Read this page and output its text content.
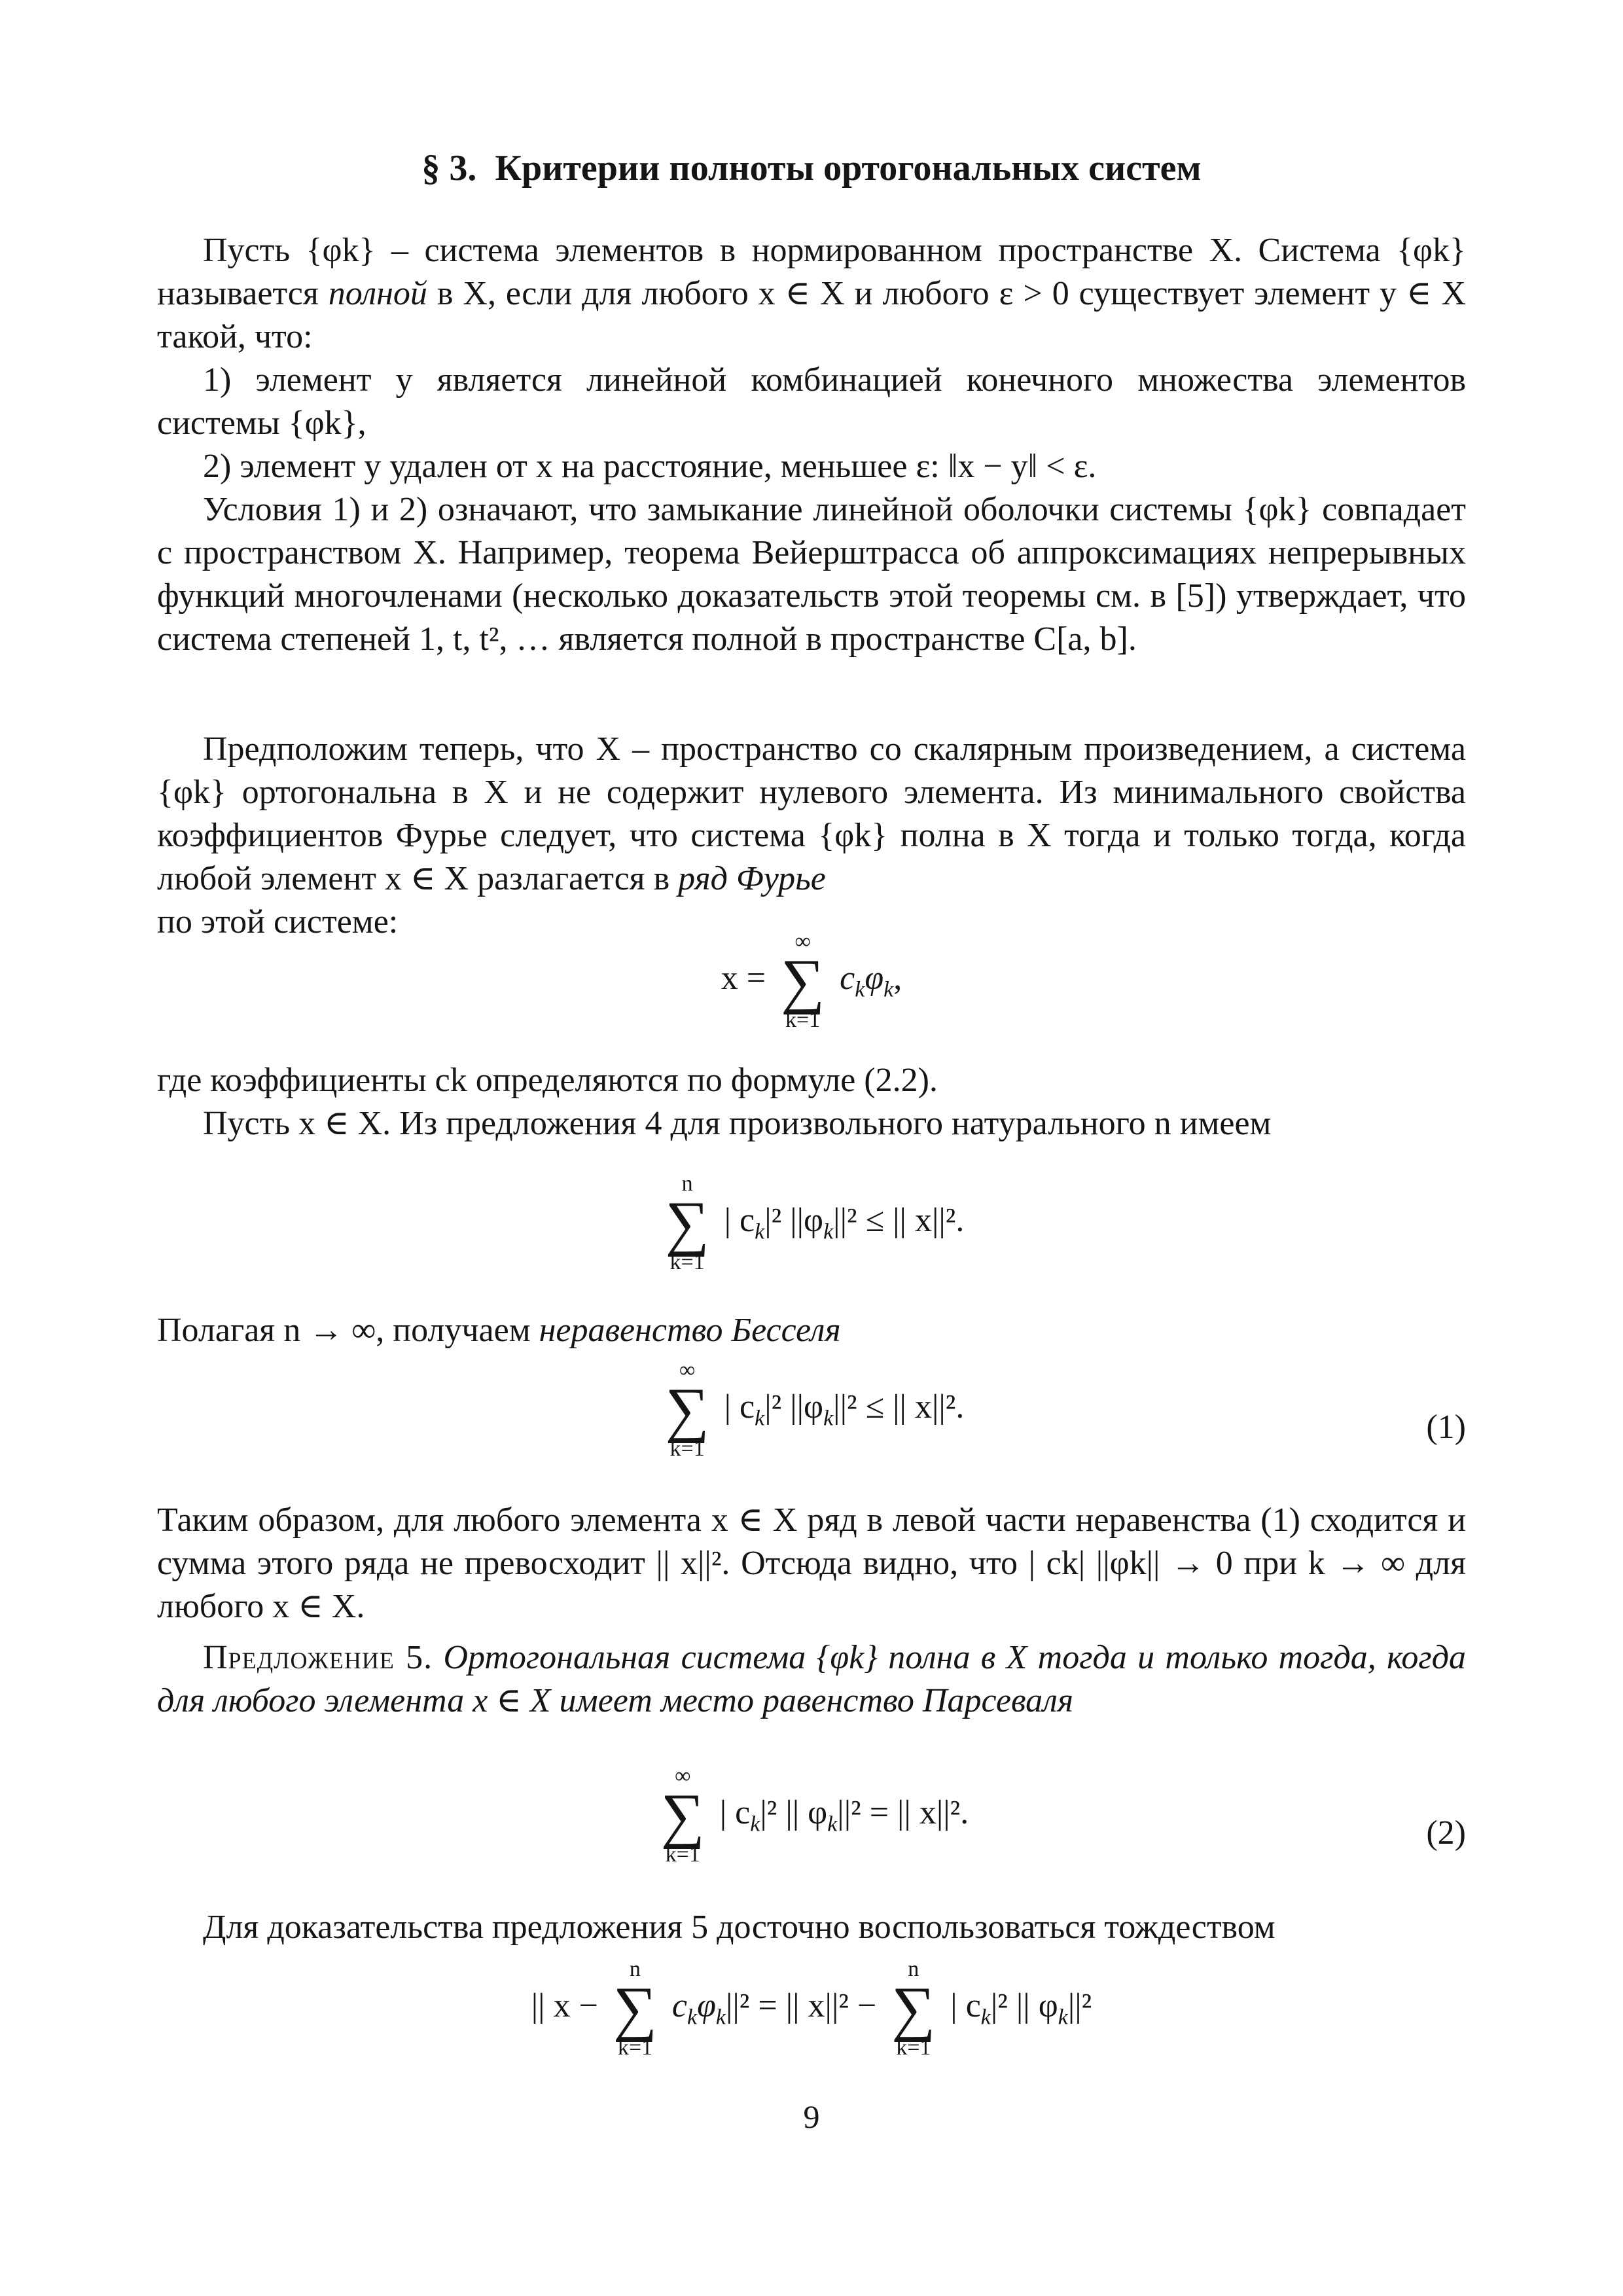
§ 3. Критерии полноты ортогональных систем

Пусть {φk} – система элементов в нормированном пространстве X. Система {φk} называется полной в X, если для любого x ∈ X и любого ε > 0 существует элемент y ∈ X такой, что:

1) элемент y является линейной комбинацией конечного множества элементов системы {φk},

2) элемент y удален от x на расстояние, меньшее ε: ‖x − y‖ < ε.

Условия 1) и 2) означают, что замыкание линейной оболочки системы {φk} совпадает с пространством X. Например, теорема Вейерштрасса об аппроксимациях непрерывных функций многочленами (несколько доказательств этой теоремы см. в [5]) утверждает, что система степеней 1, t, t², … является полной в пространстве C[a, b].

Предположим теперь, что X – пространство со скалярным произведением, а система {φk} ортогональна в X и не содержит нулевого элемента. Из минимального свойства коэффициентов Фурье следует, что система {φk} полна в X тогда и только тогда, когда любой элемент x ∈ X разлагается в ряд Фурье
по этой системе:

x =
∞
∑
k=1
$c_k\varphi_k$,

где коэффициенты ck определяются по формуле (2.2).

Пусть x ∈ X. Из предложения 4 для произвольного натурального n имеем

n
∑
k=1
| $c_k|^2$ $||\varphi_k||^2$ ≤ || x||².

Полагая n → ∞, получаем неравенство Бесселя

∞
∑
k=1
| $c_k|^2$ $||\varphi_k||^2$ ≤ || x||².
(1)

Таким образом, для любого элемента x ∈ X ряд в левой части неравенства (1) сходится и сумма этого ряда не превосходит || x||². Отсюда видно, что | ck| ||φk|| → 0 при k → ∞ для любого x ∈ X.

Предложение 5. Ортогональная система {φk} полна в X тогда и только тогда, когда для любого элемента x ∈ X имеет место равенство Парсеваля

∞
∑
k=1
| $c_k|^2$ || $\varphi_k||^2$ = || x||².
(2)

Для доказательства предложения 5 досточно воспользоваться тождеством

|| x −
n
∑
k=1
$c_k\varphi_k||^2$ = || x||² −
n
∑
k=1
| $c_k|^2$ || $\varphi_k||^2$
9
